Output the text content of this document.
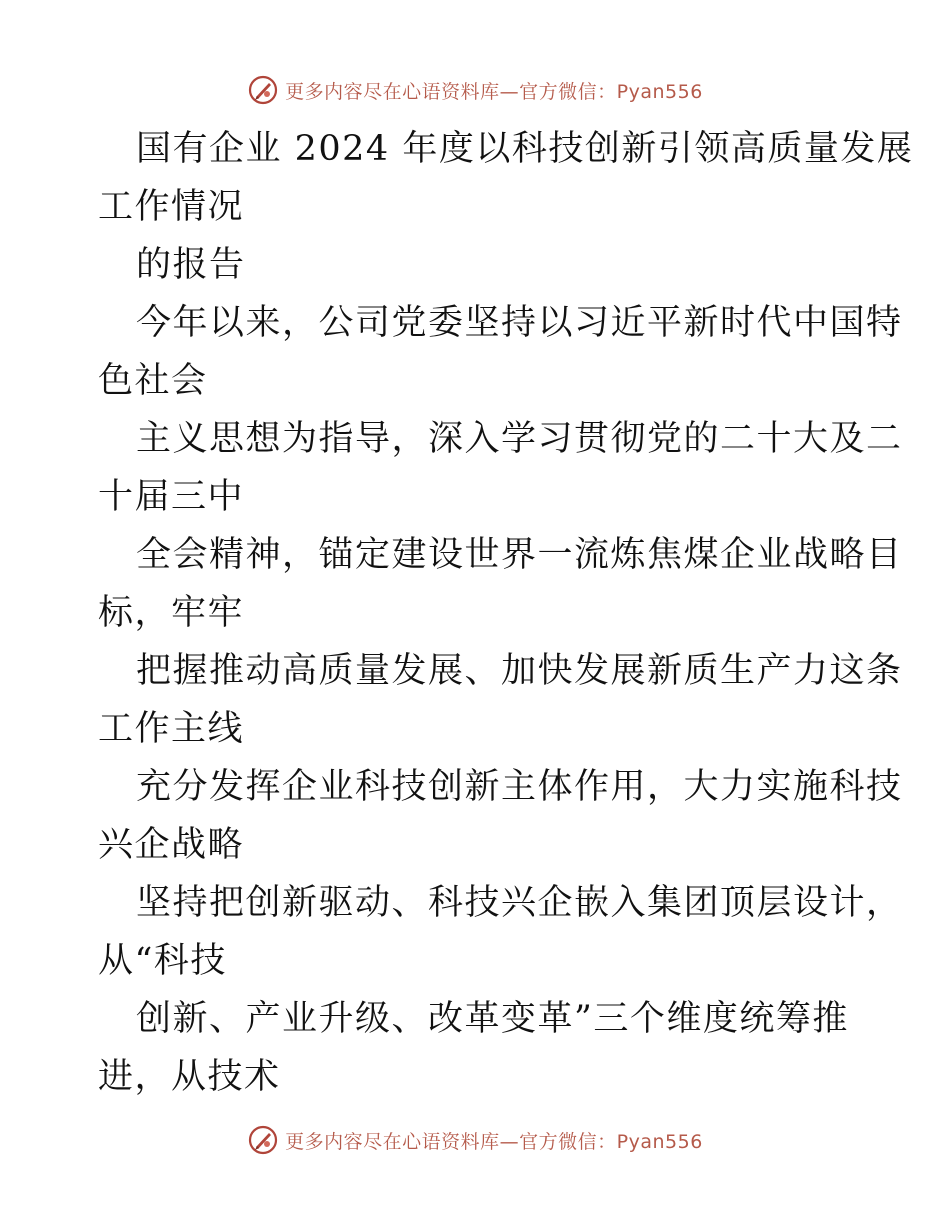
更多内容尽在心语资料库—官方微信：Pyan556
国有企业 2024 年度以科技创新引领高质量发展
工作情况
的报告
今年以来，公司党委坚持以习近平新时代中国特
色社会
主义思想为指导，深入学习贯彻党的二十大及二
十届三中
全会精神，锚定建设世界一流炼焦煤企业战略目
标，牢牢
把握推动高质量发展、加快发展新质生产力这条
工作主线
充分发挥企业科技创新主体作用，大力实施科技
兴企战略
坚持把创新驱动、科技兴企嵌入集团顶层设计，
从“科技
创新、产业升级、改革变革”三个维度统筹推
进，从技术
更多内容尽在心语资料库—官方微信：Pyan556
